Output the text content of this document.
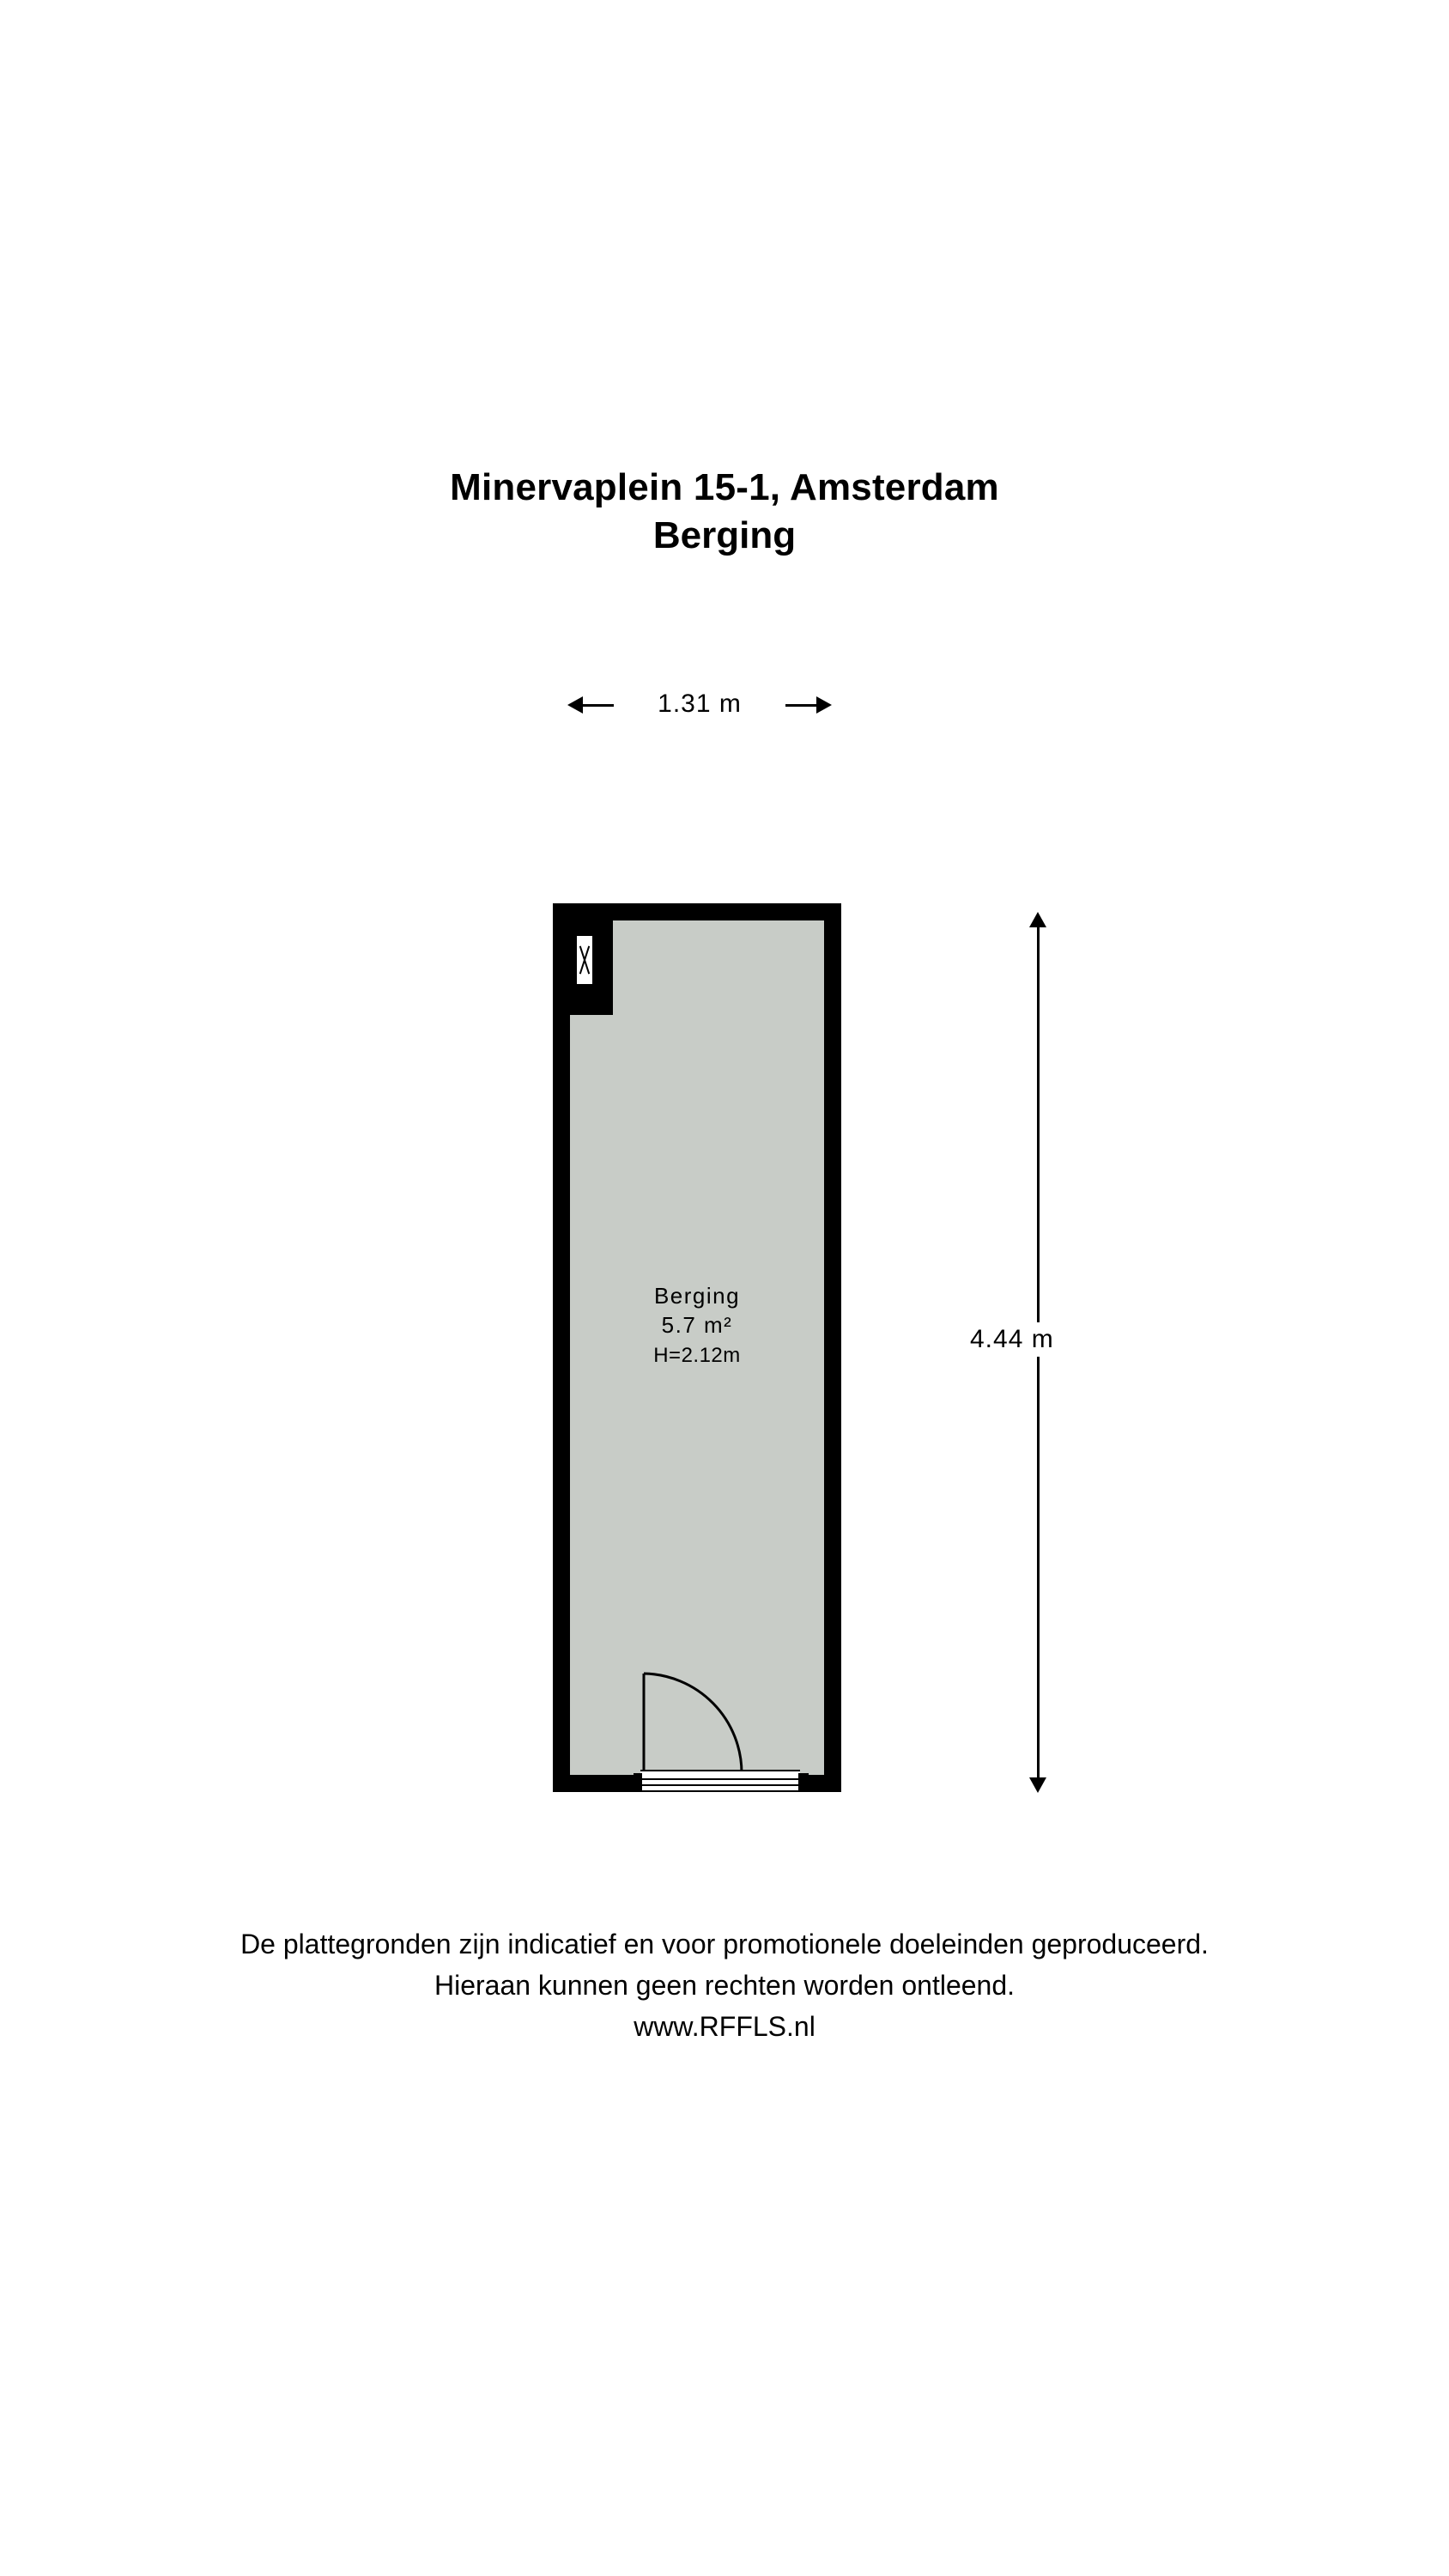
Minervaplein 15-1, Amsterdam
Berging
1.31 m
Berging
5.7 m²
H=2.12m
4.44 m
De plattegronden zijn indicatief en voor promotionele doeleinden geproduceerd.
Hieraan kunnen geen rechten worden ontleend.
www.RFFLS.nl
